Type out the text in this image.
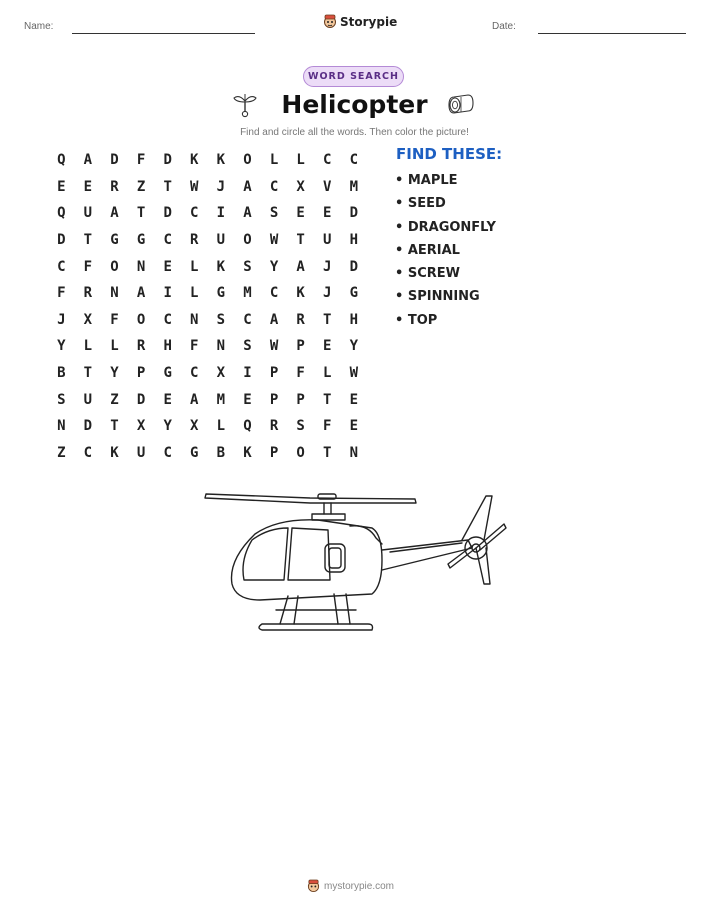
Name:	Storypie	Date:
WORD SEARCH
Helicopter
Find and circle all the words. Then color the picture!
Q	A	D	F	D	K	K	O	L	L	C	C
E	E	R	Z	T	W	J	A	C	X	V	M
Q	U	A	T	D	C	I	A	S	E	E	D
D	T	G	G	C	R	U	O	W	T	U	H
C	F	O	N	E	L	K	S	Y	A	J	D
F	R	N	A	I	L	G	M	C	K	J	G
J	X	F	O	C	N	S	C	A	R	T	H
Y	L	L	R	H	F	N	S	W	P	E	Y
B	T	Y	P	G	C	X	I	P	F	L	W
S	U	Z	D	E	A	M	E	P	P	T	E
N	D	T	X	Y	X	L	Q	R	S	F	E
Z	C	K	U	C	G	B	K	P	O	T	N
FIND THESE:
• MAPLE
• SEED
• DRAGONFLY
• AERIAL
• SCREW
• SPINNING
• TOP
mystorypie.com
